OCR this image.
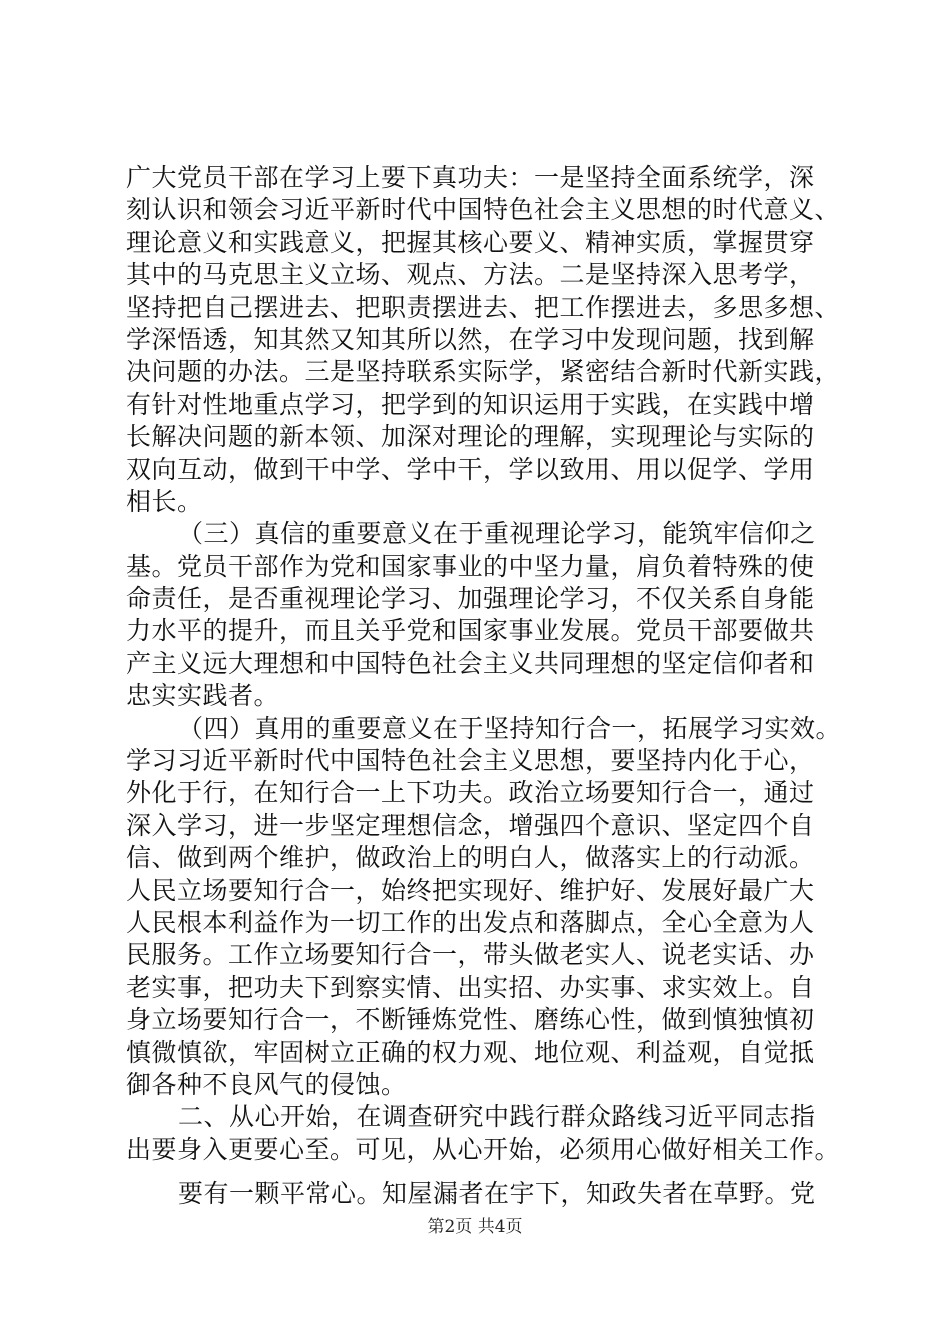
广大党员干部在学习上要下真功夫：一是坚持全面系统学，深
刻认识和领会习近平新时代中国特色社会主义思想的时代意义、
理论意义和实践意义，把握其核心要义、精神实质，掌握贯穿
其中的马克思主义立场、观点、方法。二是坚持深入思考学，
坚持把自己摆进去、把职责摆进去、把工作摆进去，多思多想、
学深悟透，知其然又知其所以然，在学习中发现问题，找到解
决问题的办法。三是坚持联系实际学，紧密结合新时代新实践，
有针对性地重点学习，把学到的知识运用于实践，在实践中增
长解决问题的新本领、加深对理论的理解，实现理论与实际的
双向互动，做到干中学、学中干，学以致用、用以促学、学用
相长。
（三）真信的重要意义在于重视理论学习，能筑牢信仰之
基。党员干部作为党和国家事业的中坚力量，肩负着特殊的使
命责任，是否重视理论学习、加强理论学习，不仅关系自身能
力水平的提升，而且关乎党和国家事业发展。党员干部要做共
产主义远大理想和中国特色社会主义共同理想的坚定信仰者和
忠实实践者。
（四）真用的重要意义在于坚持知行合一，拓展学习实效。
学习习近平新时代中国特色社会主义思想，要坚持内化于心，
外化于行，在知行合一上下功夫。政治立场要知行合一，通过
深入学习，进一步坚定理想信念，增强四个意识、坚定四个自
信、做到两个维护，做政治上的明白人，做落实上的行动派。
人民立场要知行合一，始终把实现好、维护好、发展好最广大
人民根本利益作为一切工作的出发点和落脚点，全心全意为人
民服务。工作立场要知行合一，带头做老实人、说老实话、办
老实事，把功夫下到察实情、出实招、办实事、求实效上。自
身立场要知行合一，不断锤炼党性、磨练心性，做到慎独慎初
慎微慎欲，牢固树立正确的权力观、地位观、利益观，自觉抵
御各种不良风气的侵蚀。
二、从心开始，在调查研究中践行群众路线习近平同志指
出要身入更要心至。可见，从心开始，必须用心做好相关工作。
要有一颗平常心。知屋漏者在宇下，知政失者在草野。党
第2页 共4页
